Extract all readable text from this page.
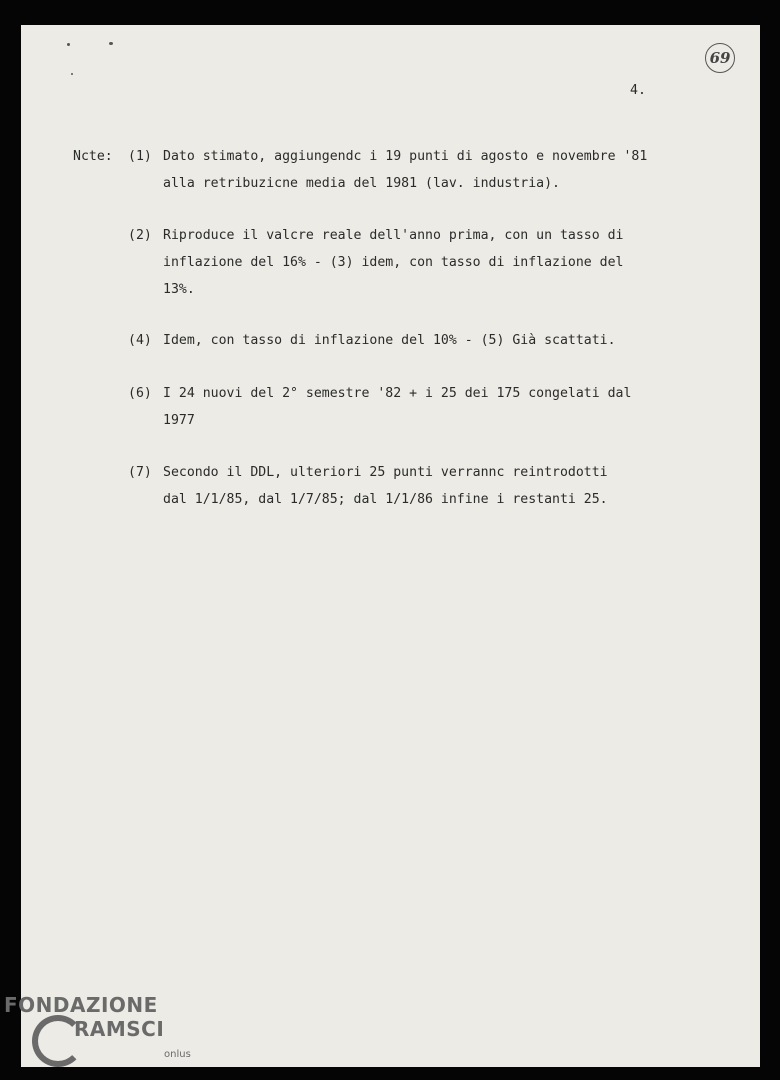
69
4.
Ncte:

(1)

Dato stimato, aggiungendc i 19 punti di agosto e novembre '81

alla retribuzicne media del 1981 (lav. industria).

(2)

Riproduce il valcre reale dell'anno prima, con un tasso di

inflazione del 16% - (3) idem, con tasso di inflazione del

13%.

(4)

Idem, con tasso di inflazione del 10% - (5) Già scattati.

(6)

I 24 nuovi del 2° semestre '82 + i 25 dei 175 congelati dal

1977

(7)

Secondo il DDL, ulteriori 25 punti verrannc reintrodotti

dal 1/1/85, dal 1/7/85; dal 1/1/86 infine i restanti 25.

FONDAZIONE
RAMSCI
onlus
